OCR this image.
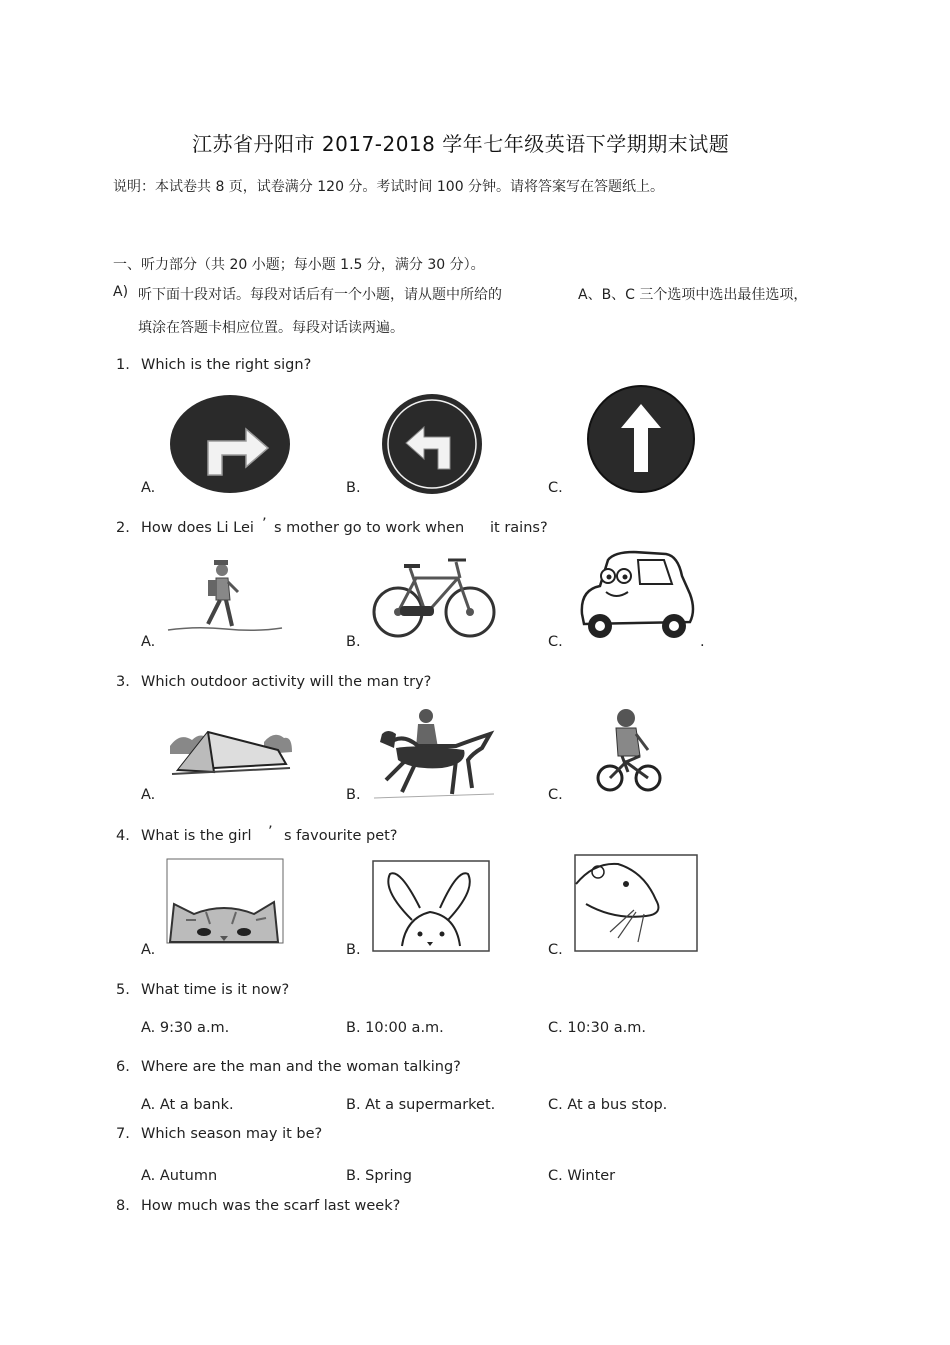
江苏省丹阳市 2017-2018 学年七年级英语下学期期末试题
说明：本试卷共 8 页，试卷满分 120 分。考试时间 100 分钟。请将答案写在答题纸上。
一、听力部分（共 20 小题；每小题 1.5 分，满分 30 分）。
A) 听下面十段对话。每段对话后有一个小题，请从题中所给的	A、B、C 三个选项中选出最佳选项，
填涂在答题卡相应位置。每段对话读两遍。
1. Which is the right sign?
A.	B.	C.
2. How does Li Lei ’ s mother go to work when it rains?
A.	B.	C.	.
3. Which outdoor activity will the man try?
A.	B.	C.
4. What is the girl ’ s favourite pet?
A.	B.	C.
5. What time is it now?
A. 9:30 a.m.	B. 10:00 a.m.	C. 10:30 a.m.
6. Where are the man and the woman talking?
A. At a bank.	B. At a supermarket.	C. At a bus stop.
7. Which season may it be?
A. Autumn	B. Spring	C. Winter
8. How much was the scarf last week?
